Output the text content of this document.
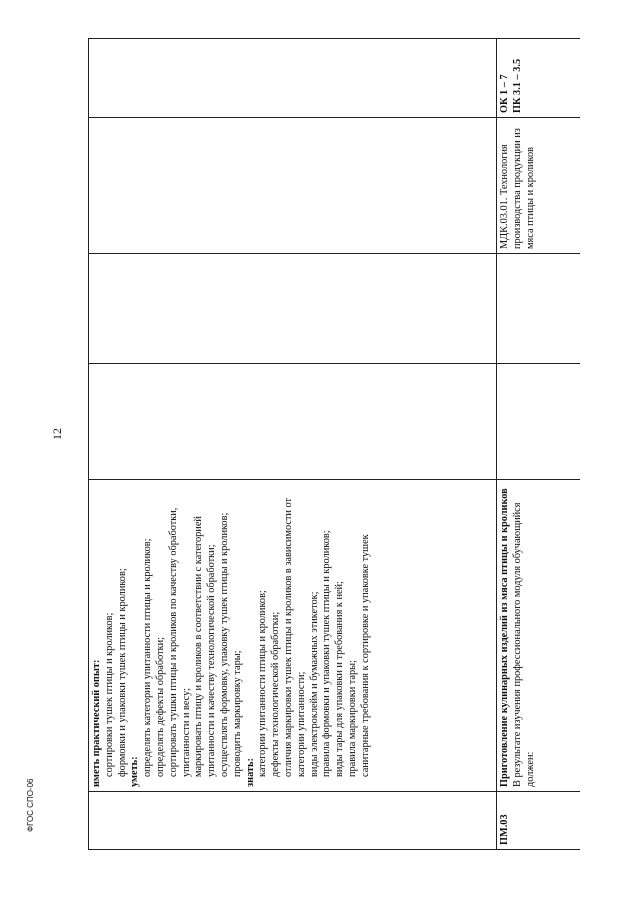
12
ФГОС СПО-06
иметь практический опыт: сортировки тушек птицы и кроликов; формовки и упаковки тушек птицы и кроликов; уметь: определять категории упитанности птицы и кроликов; определять дефекты обработки; сортировать тушки птицы и кроликов по качеству обработки, упитанности и весу; маркировать птицу и кроликов в соответствии с категорией упитанности и качеству технологической обработки; осуществлять формовку, упаковку тушек птицы и кроликов; проводить маркировку тары; знать: категории упитанности птицы и кроликов; дефекты технологической обработки; отличия маркировки тушек птицы и кроликов в зависимости от категории упитанности; виды электроклейм и бумажных этикеток; правила формовки и упаковки тушек птицы и кроликов; виды тары для упаковки и требования к ней; правила маркировки тары; санитарные требования к сортировке и упаковке тушек
ПМ.03
Приготовление кулинарных изделий из мяса птицы и кроликов В результате изучения профессионального модуля обучающийся должен:
МДК.03.01. Технология производства продукции из мяса птицы и кроликов
ОК 1 – 7 ПК 3.1 – 3.5
